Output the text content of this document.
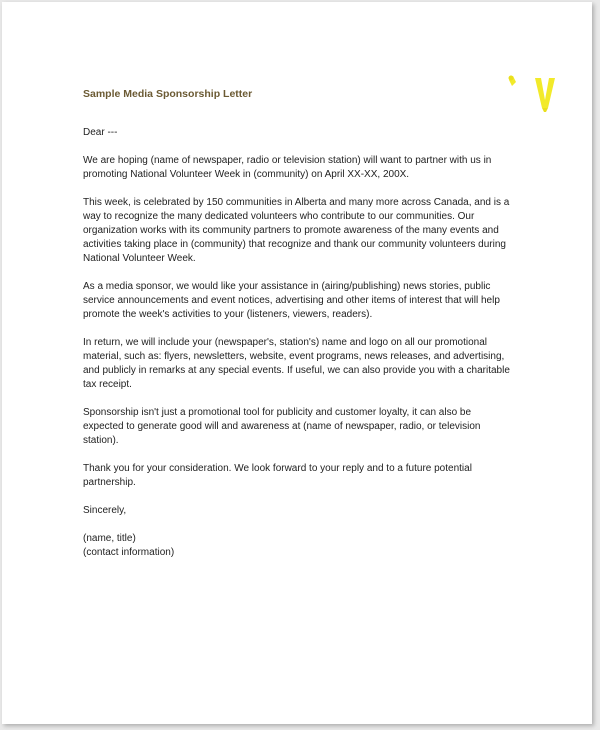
Sample Media Sponsorship Letter

Dear ---

We are hoping (name of newspaper, radio or television station) will want to partner with us in promoting National Volunteer Week in (community) on April XX-XX, 200X.

This week, is celebrated by 150 communities in Alberta and many more across Canada, and is a way to recognize the many dedicated volunteers who contribute to our communities. Our organization works with its community partners to promote awareness of the many events and activities taking place in (community) that recognize and thank our community volunteers during National Volunteer Week.

As a media sponsor, we would like your assistance in (airing/publishing) news stories, public service announcements and event notices, advertising and other items of interest that will help promote the week's activities to your (listeners, viewers, readers).

In return, we will include your (newspaper's, station's) name and logo on all our promotional material, such as: flyers, newsletters, website, event programs, news releases, and advertising, and publicly in remarks at any special events. If useful, we can also provide you with a charitable tax receipt.

Sponsorship isn't just a promotional tool for publicity and customer loyalty, it can also be expected to generate good will and awareness at (name of newspaper, radio, or television station).

Thank you for your consideration. We look forward to your reply and to a future potential partnership.

Sincerely,

(name, title)

(contact information)
